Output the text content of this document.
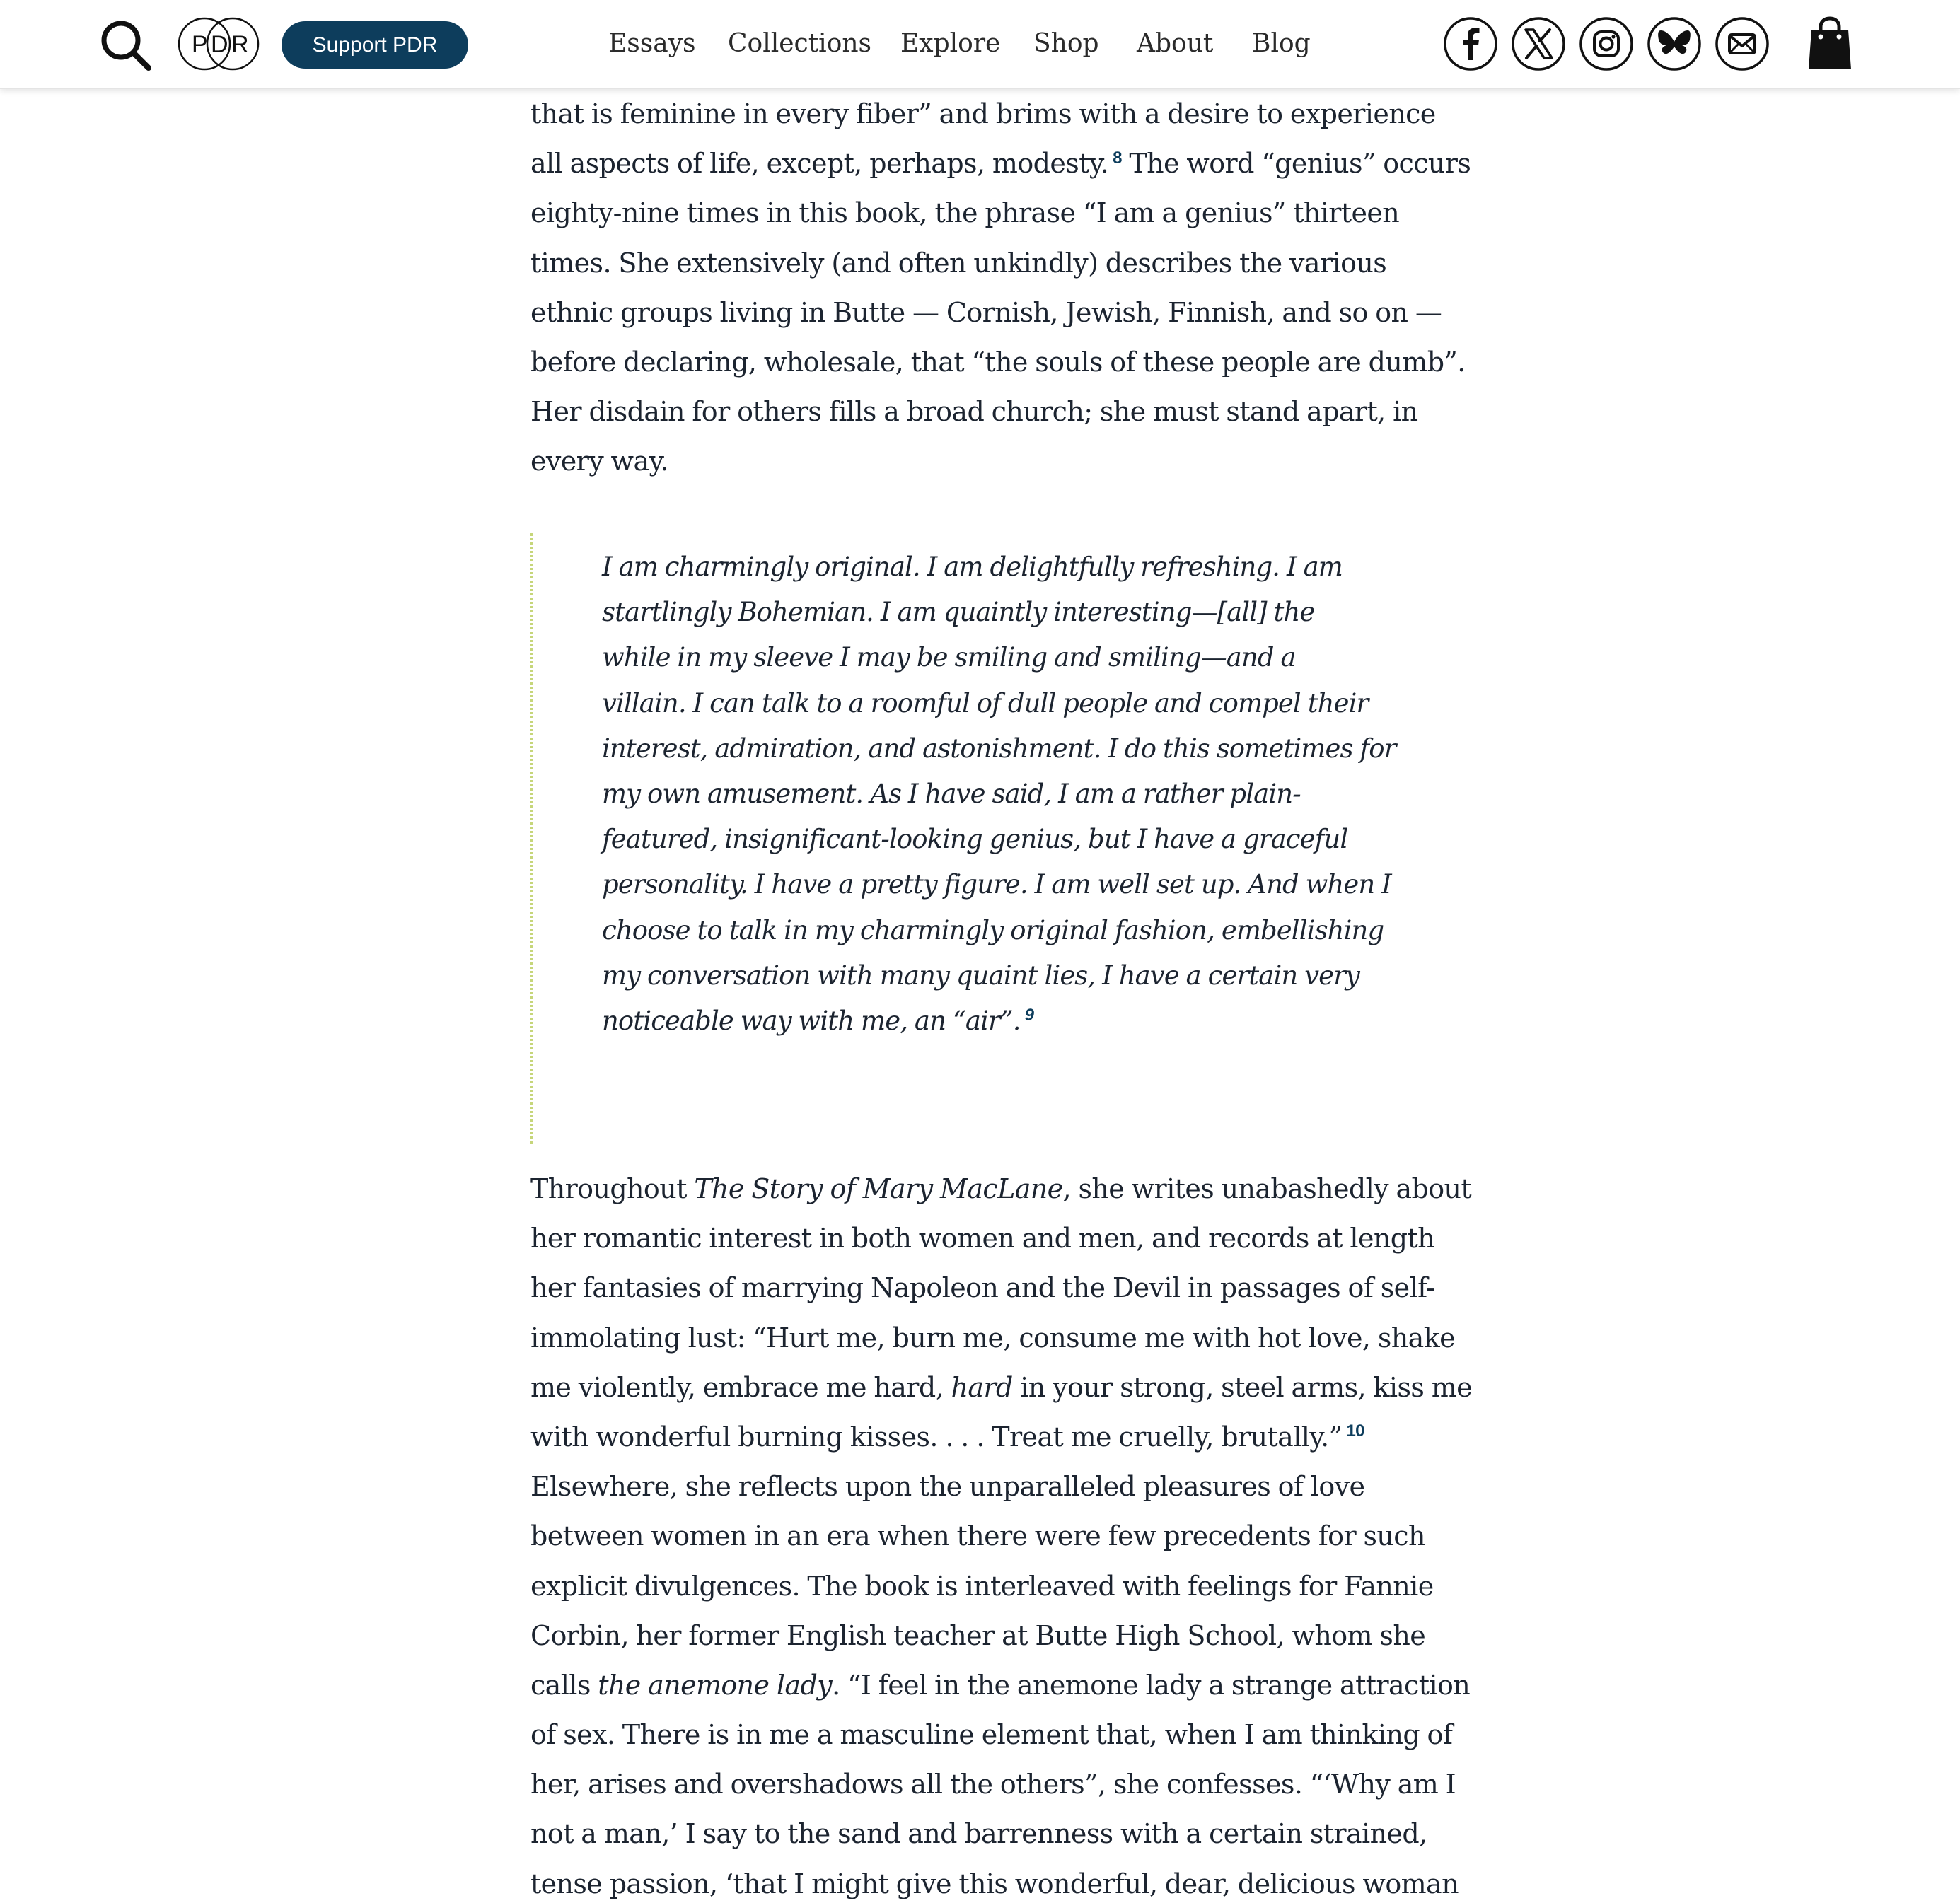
P D R	Support PDR	Essays Collections Explore Shop About Blog
that is feminine in every fiber” and brims with a desire to experience
all aspects of life, except, perhaps, modesty. $^8$ The word “genius” occurs
eighty-nine times in this book, the phrase “I am a genius” thirteen
times. She extensively (and often unkindly) describes the various
ethnic groups living in Butte — Cornish, Jewish, Finnish, and so on —
before declaring, wholesale, that “the souls of these people are dumb”.
Her disdain for others fills a broad church; she must stand apart, in
every way.
I am charmingly original. I am delightfully refreshing. I am
startlingly Bohemian. I am quaintly interesting—[all] the
while in my sleeve I may be smiling and smiling—and a
villain. I can talk to a roomful of dull people and compel their
interest, admiration, and astonishment. I do this sometimes for
my own amusement. As I have said, I am a rather plain-
featured, insignificant-looking genius, but I have a graceful
personality. I have a pretty figure. I am well set up. And when I
choose to talk in my charmingly original fashion, embellishing
my conversation with many quaint lies, I have a certain very
noticeable way with me, an “air”. $^9$
Throughout The Story of Mary MacLane, she writes unabashedly about
her romantic interest in both women and men, and records at length
her fantasies of marrying Napoleon and the Devil in passages of self-
immolating lust: “Hurt me, burn me, consume me with hot love, shake
me violently, embrace me hard, hard in your strong, steel arms, kiss me
with wonderful burning kisses. . . . Treat me cruelly, brutally.” $^{10}$
Elsewhere, she reflects upon the unparalleled pleasures of love
between women in an era when there were few precedents for such
explicit divulgences. The book is interleaved with feelings for Fannie
Corbin, her former English teacher at Butte High School, whom she
calls the anemone lady. “I feel in the anemone lady a strange attraction
of sex. There is in me a masculine element that, when I am thinking of
her, arises and overshadows all the others”, she confesses. “‘Why am I
not a man,’ I say to the sand and barrenness with a certain strained,
tense passion, ‘that I might give this wonderful, dear, delicious woman
